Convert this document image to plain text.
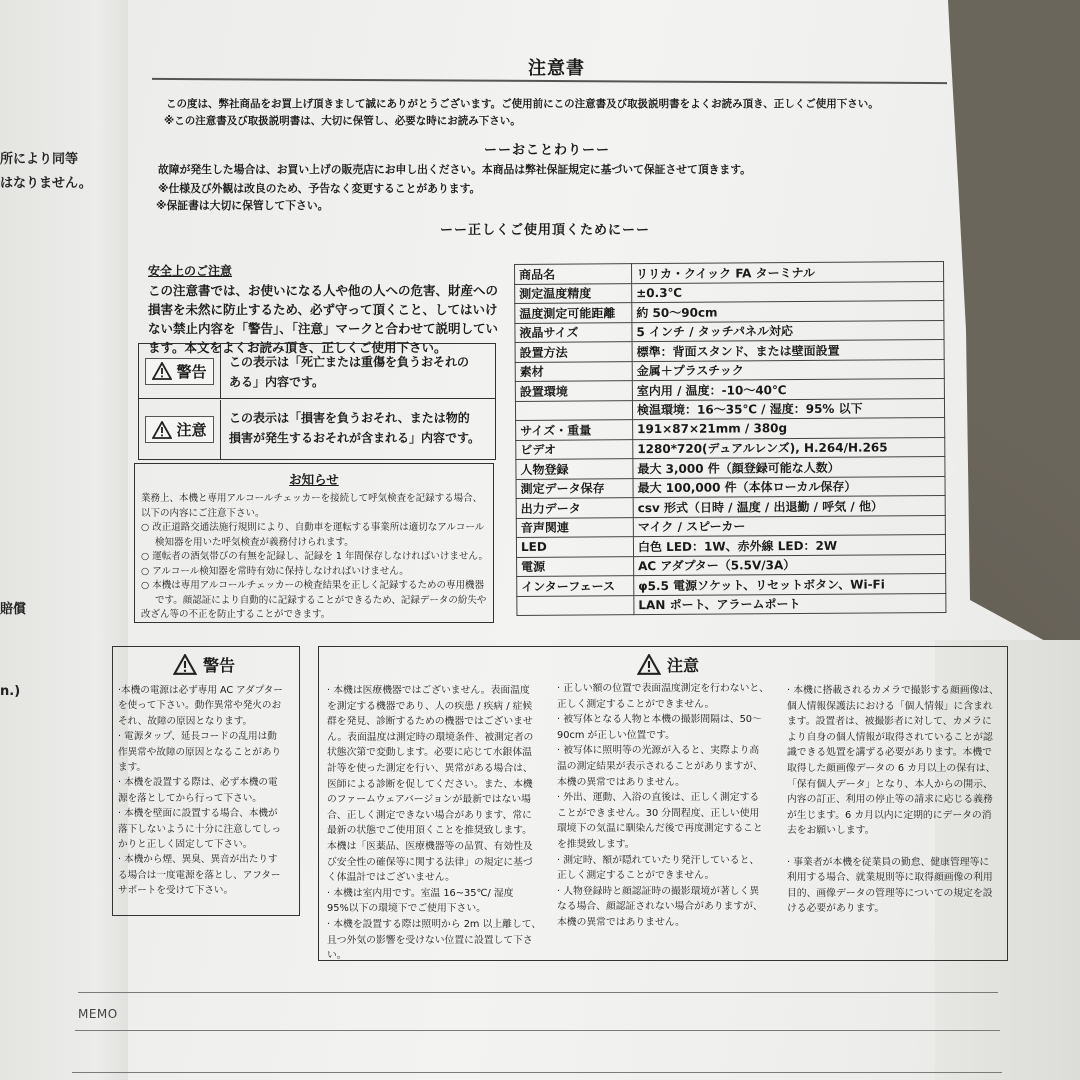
所により同等
はなりません。
賠償
n.)
注意書
この度は、弊社商品をお買上げ頂きまして誠にありがとうございます。ご使用前にこの注意書及び取扱説明書をよくお読み頂き、正しくご使用下さい。
※この注意書及び取扱説明書は、大切に保管し、必要な時にお読み下さい。
ーーおことわりーー
故障が発生した場合は、お買い上げの販売店にお申し出ください。本商品は弊社保証規定に基づいて保証させて頂きます。
※仕様及び外観は改良のため、予告なく変更することがあります。
※保証書は大切に保管して下さい。
ーー正しくご使用頂くためにーー
安全上のご注意
この注意書では、お使いになる人や他の人への危害、財産への
損害を未然に防止するため、必ず守って頂くこと、してはいけ
ない禁止内容を「警告」、「注意」マークと合わせて説明してい
ます。本文をよくお読み頂き、正しくご使用下さい。
警告
この表示は「死亡または重傷を負うおそれの
ある」内容です。
注意
この表示は「損害を負うおそれ、または物的
損害が発生するおそれが含まれる」内容です。
お知らせ
業務上、本機と専用アルコールチェッカーを接続して呼気検査を記録する場合、
以下の内容にご注意下さい。
○ 改正道路交通法施行規則により、自動車を運転する事業所は適切なアルコール
検知器を用いた呼気検査が義務付けられます。
○ 運転者の酒気帯びの有無を記録し、記録を 1 年間保存しなければいけません。
○ アルコール検知器を常時有効に保持しなければいけません。
○ 本機は専用アルコールチェッカーの検査結果を正しく記録するための専用機器
です。顔認証により自動的に記録することができるため、記録データの紛失や
改ざん等の不正を防止することができます。
商品名	リリカ・クイック FA ターミナル
測定温度精度	±0.3℃
温度測定可能距離	約 50〜90cm
液晶サイズ	5 インチ / タッチパネル対応
設置方法	標準：背面スタンド、または壁面設置
素材	金属＋プラスチック
設置環境	室内用 / 温度：-10〜40℃
	検温環境：16〜35℃ / 湿度：95% 以下
サイズ・重量	191×87×21mm / 380g
ビデオ	1280*720(デュアルレンズ), H.264/H.265
人物登録	最大 3,000 件（顔登録可能な人数）
測定データ保存	最大 100,000 件（本体ローカル保存）
出力データ	csv 形式（日時 / 温度 / 出退勤 / 呼気 / 他）
音声関連	マイク / スピーカー
LED	白色 LED：1W、赤外線 LED：2W
電源	AC アダプター（5.5V/3A）
インターフェース	φ5.5 電源ソケット、リセットボタン、Wi-Fi
	LAN ポート、アラームポート
警告
·本機の電源は必ず専用 AC アダプター
を使って下さい。動作異常や発火のお
それ、故障の原因となります。
· 電源タップ、延長コードの乱用は動
作異常や故障の原因となることがあり
ます。
· 本機を設置する際は、必ず本機の電
源を落としてから行って下さい。
· 本機を壁面に設置する場合、本機が
落下しないように十分に注意してしっ
かりと正しく固定して下さい。
· 本機から煙、異臭、異音が出たりす
る場合は一度電源を落とし、アフター
サポートを受けて下さい。
注意
· 本機は医療機器ではございません。表面温度
を測定する機器であり、人の疾患 / 疾病 / 症候
群を発見、診断するための機器ではございませ
ん。表面温度は測定時の環境条件、被測定者の
状態次第で変動します。必要に応じて水銀体温
計等を使った測定を行い、異常がある場合は、
医師による診断を促してください。また、本機
のファームウェアバージョンが最新ではない場
合、正しく測定できない場合があります、常に
最新の状態でご使用頂くことを推奨致します。
本機は「医薬品、医療機器等の品質、有効性及
び安全性の確保等に関する法律」の規定に基づ
く体温計ではございません。
· 本機は室内用です。室温 16~35℃/ 湿度
95%以下の環境下でご使用下さい。
· 本機を設置する際は照明から 2m 以上離して、
且つ外気の影響を受けない位置に設置して下さ
い。
· 正しい額の位置で表面温度測定を行わないと、
正しく測定することができません。
· 被写体となる人物と本機の撮影間隔は、50〜
90cm が正しい位置です。
· 被写体に照明等の光源が入ると、実際より高
温の測定結果が表示されることがありますが、
本機の異常ではありません。
· 外出、運動、入浴の直後は、正しく測定する
ことができません。30 分間程度、正しい使用
環境下の気温に馴染んだ後で再度測定すること
を推奨致します。
· 測定時、額が隠れていたり発汗していると、
正しく測定することができません。
· 人物登録時と顔認証時の撮影環境が著しく異
なる場合、顔認証されない場合がありますが、
本機の異常ではありません。
· 本機に搭載されるカメラで撮影する顔画像は、
個人情報保護法における「個人情報」に含まれ
ます。設置者は、被撮影者に対して、カメラに
より自身の個人情報が取得されていることが認
識できる処置を講ずる必要があります。本機で
取得した顔画像データの 6 カ月以上の保有は、
「保有個人データ」となり、本人からの開示、
内容の訂正、利用の停止等の請求に応じる義務
が生じます。6 カ月以内に定期的にデータの消
去をお願いします。
· 事業者が本機を従業員の勤怠、健康管理等に
利用する場合、就業規則等に取得顔画像の利用
目的、画像データの管理等についての規定を設
ける必要があります。
MEMO
